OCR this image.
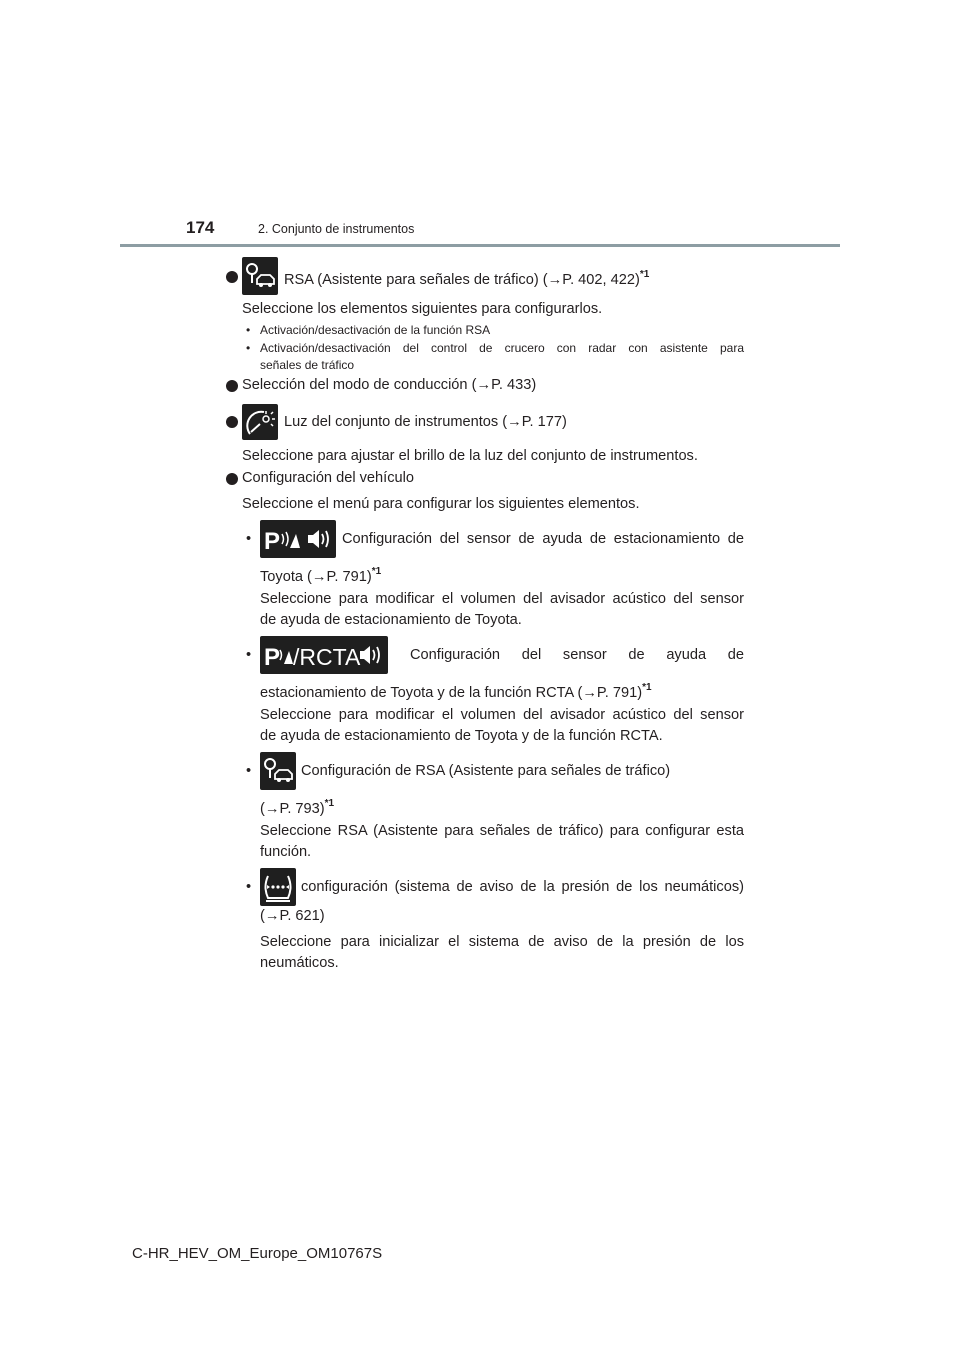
174	2. Conjunto de instrumentos
RSA (Asistente para señales de tráfico) (→P. 402, 422)$^{*1}$
Seleccione los elementos siguientes para configurarlos.
• Activación/desactivación de la función RSA
• Activación/desactivación del control de crucero con radar con asistente para
señales de tráfico
Selección del modo de conducción (→P. 433)
Luz del conjunto de instrumentos (→P. 177)
Seleccione para ajustar el brillo de la luz del conjunto de instrumentos.
Configuración del vehículo
Seleccione el menú para configurar los siguientes elementos.
• P	Configuración del sensor de ayuda de estacionamiento de
Toyota (→P. 791)$^{*1}$
Seleccione para modificar el volumen del avisador acústico del sensor
de ayuda de estacionamiento de Toyota.
• P /RCTA	Configuración del sensor de ayuda de
estacionamiento de Toyota y de la función RCTA (→P. 791)$^{*1}$
Seleccione para modificar el volumen del avisador acústico del sensor
de ayuda de estacionamiento de Toyota y de la función RCTA.
•	Configuración de RSA (Asistente para señales de tráfico)
(→P. 793)$^{*1}$
Seleccione RSA (Asistente para señales de tráfico) para configurar esta
función.
•	configuración (sistema de aviso de la presión de los neumáticos)
(→P. 621)
Seleccione para inicializar el sistema de aviso de la presión de los
neumáticos.
C-HR_HEV_OM_Europe_OM10767S
